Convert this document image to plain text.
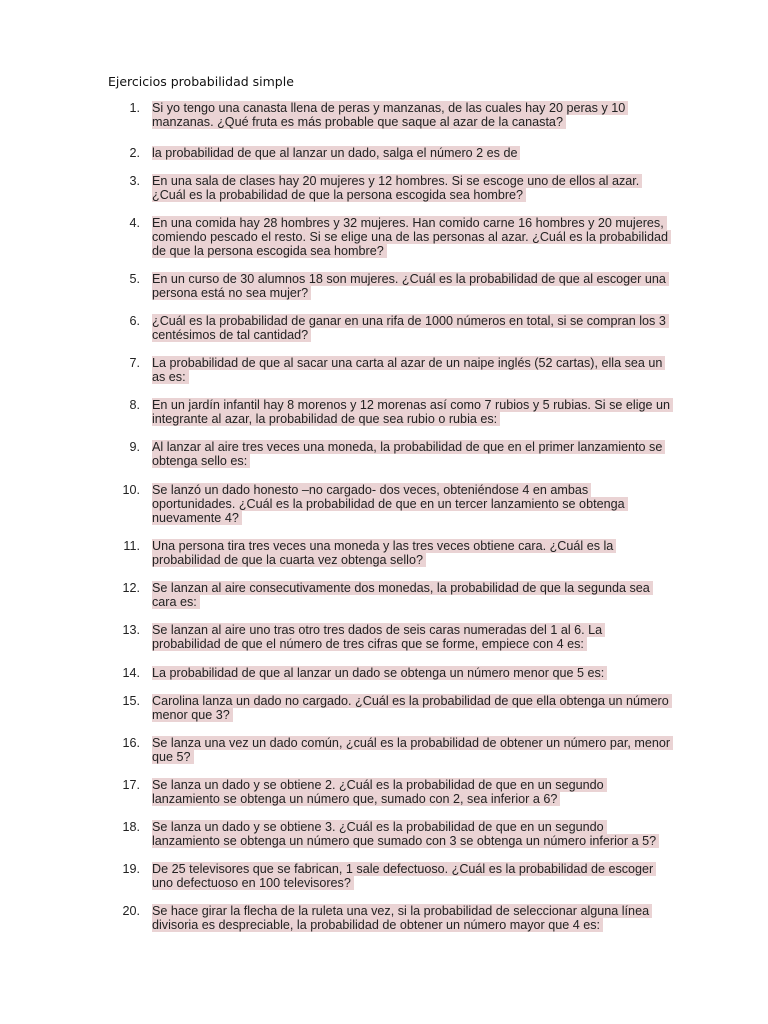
Ejercicios probabilidad simple
1. Si yo tengo una canasta llena de peras y manzanas, de las cuales hay 20 peras y 10 manzanas. ¿Qué fruta es más probable que saque al azar de la canasta?
2. la probabilidad de que al lanzar un dado, salga el número 2 es de
3. En una sala de clases hay 20 mujeres y 12 hombres. Si se escoge uno de ellos al azar. ¿Cuál es la probabilidad de que la persona escogida sea hombre?
4. En una comida hay 28 hombres y 32 mujeres. Han comido carne 16 hombres y 20 mujeres, comiendo pescado el resto. Si se elige una de las personas al azar. ¿Cuál es la probabilidad de que la persona escogida sea hombre?
5. En un curso de 30 alumnos 18 son mujeres. ¿Cuál es la probabilidad de que al escoger una persona está no sea mujer?
6. ¿Cuál es la probabilidad de ganar en una rifa de 1000 números en total, si se compran los 3 centésimos de tal cantidad?
7. La probabilidad de que al sacar una carta al azar de un naipe inglés (52 cartas), ella sea un as es:
8. En un jardín infantil hay 8 morenos y 12 morenas así como 7 rubios y 5 rubias. Si se elige un integrante al azar, la probabilidad de que sea rubio o rubia es:
9. Al lanzar al aire tres veces una moneda, la probabilidad de que en el primer lanzamiento se obtenga sello es:
10. Se lanzó un dado honesto –no cargado- dos veces, obteniéndose 4 en ambas oportunidades. ¿Cuál es la probabilidad de que en un tercer lanzamiento se obtenga nuevamente 4?
11. Una persona tira tres veces una moneda y las tres veces obtiene cara. ¿Cuál es la probabilidad de que la cuarta vez obtenga sello?
12. Se lanzan al aire consecutivamente dos monedas, la probabilidad de que la segunda sea cara es:
13. Se lanzan al aire uno tras otro tres dados de seis caras numeradas del 1 al 6. La probabilidad de que el número de tres cifras que se forme, empiece con 4 es:
14. La probabilidad de que al lanzar un dado se obtenga un número menor que 5 es:
15. Carolina lanza un dado no cargado. ¿Cuál es la probabilidad de que ella obtenga un número menor que 3?
16. Se lanza una vez un dado común, ¿cuál es la probabilidad de obtener un número par, menor que 5?
17. Se lanza un dado y se obtiene 2. ¿Cuál es la probabilidad de que en un segundo lanzamiento se obtenga un número que, sumado con 2, sea inferior a 6?
18. Se lanza un dado y se obtiene 3. ¿Cuál es la probabilidad de que en un segundo lanzamiento se obtenga un número que sumado con 3 se obtenga un número inferior a 5?
19. De 25 televisores que se fabrican, 1 sale defectuoso. ¿Cuál es la probabilidad de escoger uno defectuoso en 100 televisores?
20. Se hace girar la flecha de la ruleta una vez, si la probabilidad de seleccionar alguna línea divisoria es despreciable, la probabilidad de obtener un número mayor que 4 es:
